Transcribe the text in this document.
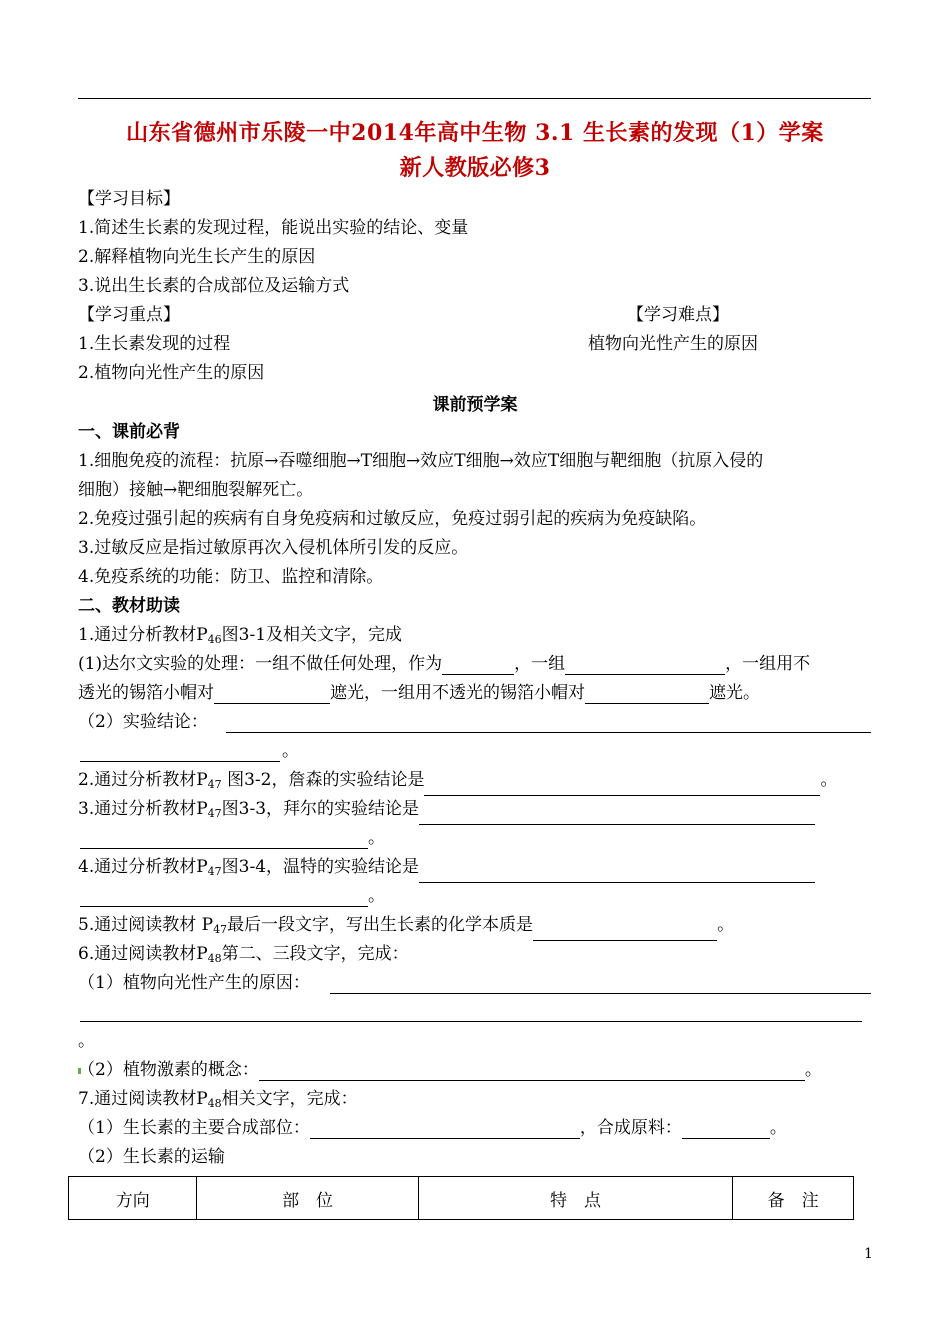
山东省德州市乐陵一中2014年高中生物 3.1 生长素的发现（1）学案
新人教版必修3
【学习目标】
1.简述生长素的发现过程，能说出实验的结论、变量
2.解释植物向光生长产生的原因
3.说出生长素的合成部位及运输方式
【学习重点】	【学习难点】
1.生长素发现的过程	植物向光性产生的原因
2.植物向光性产生的原因
课前预学案
一、课前必背
1.细胞免疫的流程：抗原→吞噬细胞→T细胞→效应T细胞→效应T细胞与靶细胞（抗原入侵的
细胞）接触→靶细胞裂解死亡。
2.免疫过强引起的疾病有自身免疫病和过敏反应，免疫过弱引起的疾病为免疫缺陷。
3.过敏反应是指过敏原再次入侵机体所引发的反应。
4.免疫系统的功能：防卫、监控和清除。
二、教材助读
1.通过分析教材$P_{46}$图3-1及相关文字，完成
(1)达尔文实验的处理：一组不做任何处理，作为	，一组	，一组用不
透光的锡箔小帽对	遮光，一组用不透光的锡箔小帽对	遮光。
（2）实验结论：
。
2.通过分析教材$P_{47}$ 图3-2，詹森的实验结论是	。
3.通过分析教材$P_{47}$图3-3，拜尔的实验结论是
。
4.通过分析教材$P_{47}$图3-4，温特的实验结论是
。
5.通过阅读教材 $P_{47}$最后一段文字，写出生长素的化学本质是	。
6.通过阅读教材$P_{48}$第二、三段文字，完成：
（1）植物向光性产生的原因：
。
（2）植物激素的概念：	。
7.通过阅读教材$P_{48}$相关文字，完成：
（1）生长素的主要合成部位：	，合成原料：	。
（2）生长素的运输
方向	部　位	特　点	备　注
1
